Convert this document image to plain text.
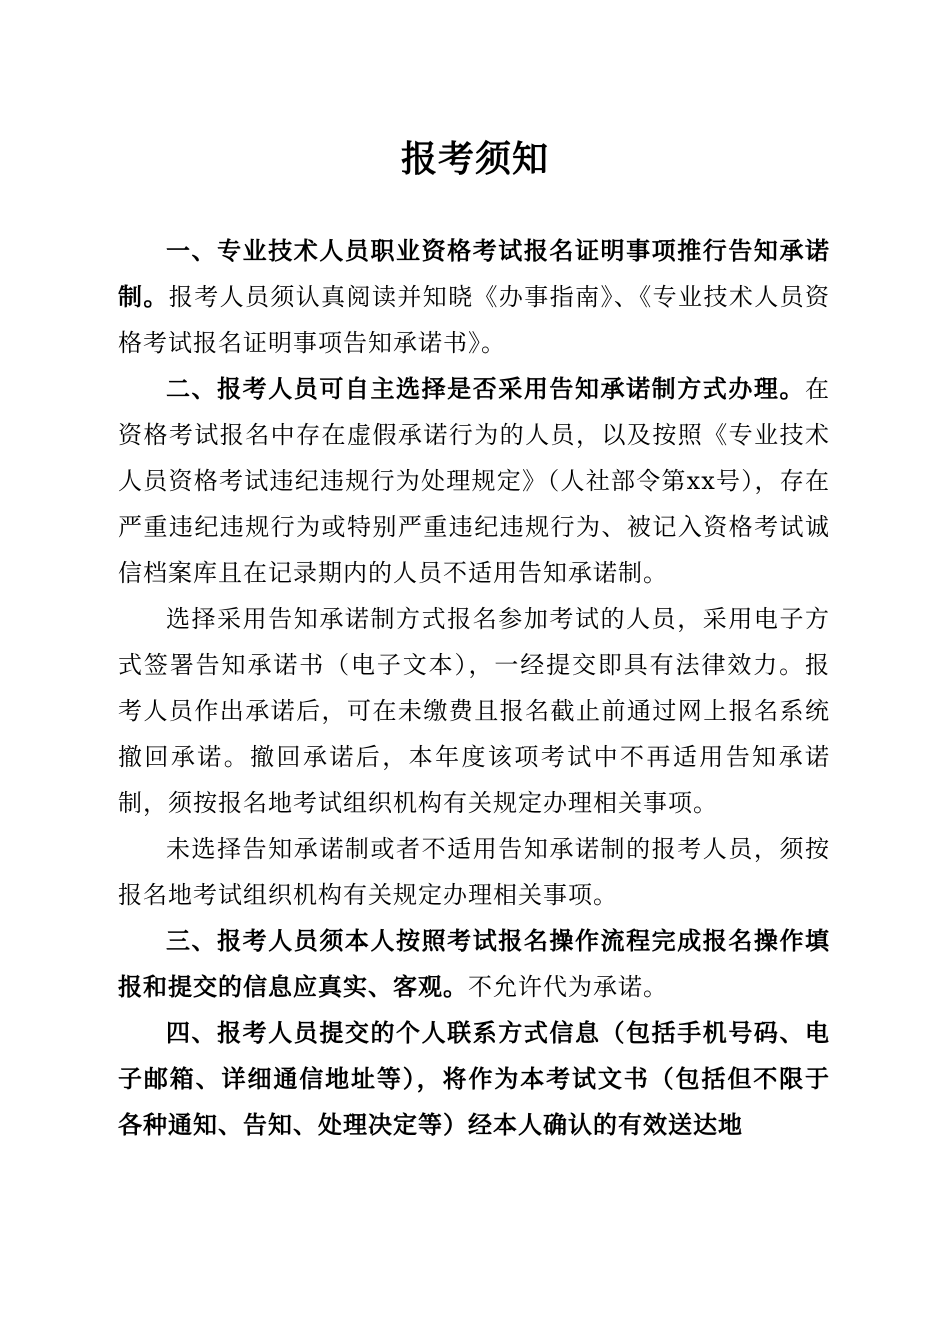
报考须知

一、专业技术人员职业资格考试报名证明事项推行告知承诺制。报考人员须认真阅读并知晓《办事指南》、《专业技术人员资格考试报名证明事项告知承诺书》。

二、报考人员可自主选择是否采用告知承诺制方式办理。在资格考试报名中存在虚假承诺行为的人员，以及按照《专业技术人员资格考试违纪违规行为处理规定》（人社部令第xx号），存在严重违纪违规行为或特别严重违纪违规行为、被记入资格考试诚信档案库且在记录期内的人员不适用告知承诺制。

选择采用告知承诺制方式报名参加考试的人员，采用电子方式签署告知承诺书（电子文本），一经提交即具有法律效力。报考人员作出承诺后，可在未缴费且报名截止前通过网上报名系统撤回承诺。撤回承诺后，本年度该项考试中不再适用告知承诺制，须按报名地考试组织机构有关规定办理相关事项。

未选择告知承诺制或者不适用告知承诺制的报考人员，须按报名地考试组织机构有关规定办理相关事项。

三、报考人员须本人按照考试报名操作流程完成报名操作填报和提交的信息应真实、客观。不允许代为承诺。

四、报考人员提交的个人联系方式信息（包括手机号码、电子邮箱、详细通信地址等），将作为本考试文书（包括但不限于各种通知、告知、处理决定等）经本人确认的有效送达地
